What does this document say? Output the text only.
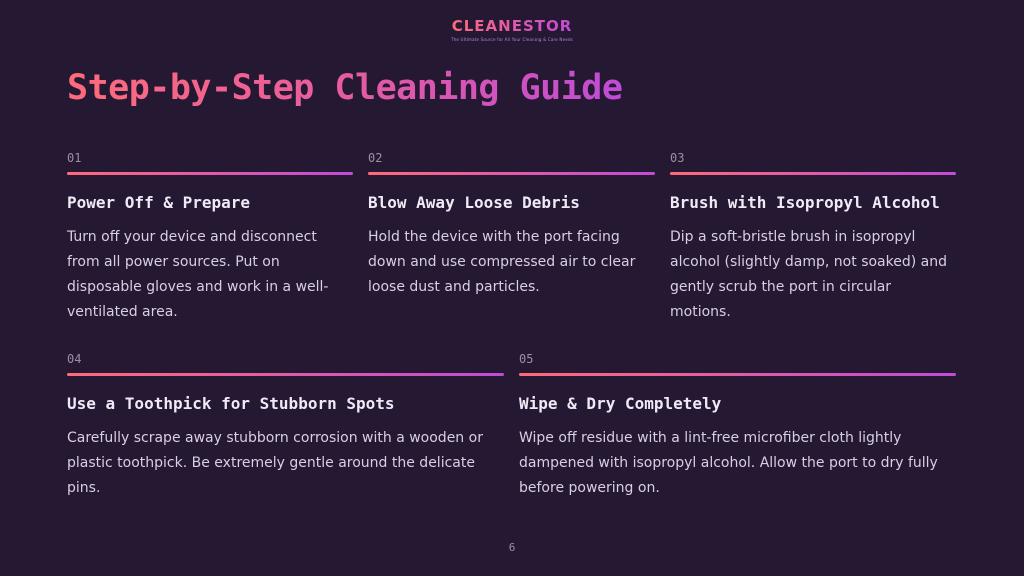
CLEANESTOR
The Ultimate Source for All Your Cleaning & Care Needs
Step-by-Step Cleaning Guide
01
Power Off & Prepare
Turn off your device and disconnect from all power sources. Put on disposable gloves and work in a well-ventilated area.
02
Blow Away Loose Debris
Hold the device with the port facing down and use compressed air to clear loose dust and particles.
03
Brush with Isopropyl Alcohol
Dip a soft-bristle brush in isopropyl alcohol (slightly damp, not soaked) and gently scrub the port in circular motions.
04
Use a Toothpick for Stubborn Spots
Carefully scrape away stubborn corrosion with a wooden or plastic toothpick. Be extremely gentle around the delicate pins.
05
Wipe & Dry Completely
Wipe off residue with a lint-free microfiber cloth lightly dampened with isopropyl alcohol. Allow the port to dry fully before powering on.
6
